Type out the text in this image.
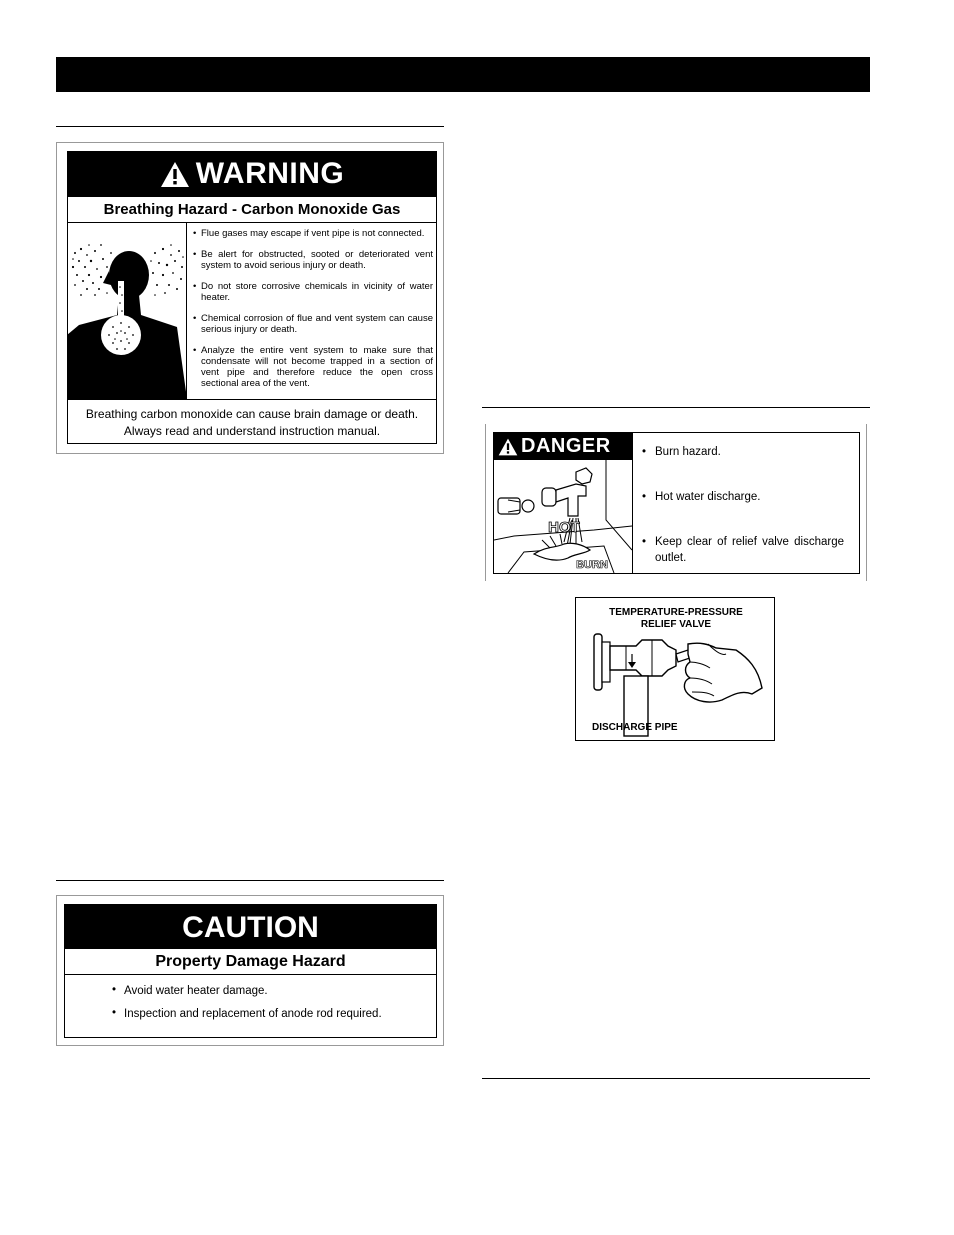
WARNING
Breathing Hazard - Carbon Monoxide Gas
• Flue gases may escape if vent pipe is not connected.
• Be alert for obstructed, sooted or deteriorated vent system to avoid serious injury or death.
• Do not store corrosive chemicals in vicinity of water heater.
• Chemical corrosion of flue and vent system can cause serious injury or death.
• Analyze the entire vent system to make sure that condensate will not become trapped in a section of vent pipe and therefore reduce the open cross sectional area of the vent.
Breathing carbon monoxide can cause brain damage or death.
Always read and understand instruction manual.
CAUTION
Property Damage Hazard
• Avoid water heater damage.
• Inspection and replacement of anode rod required.
DANGER
HOT
BURN
• Burn hazard.
• Hot water discharge.
• Keep clear of relief valve discharge outlet.
TEMPERATURE-PRESSURE
RELIEF VALVE
DISCHARGE PIPE
